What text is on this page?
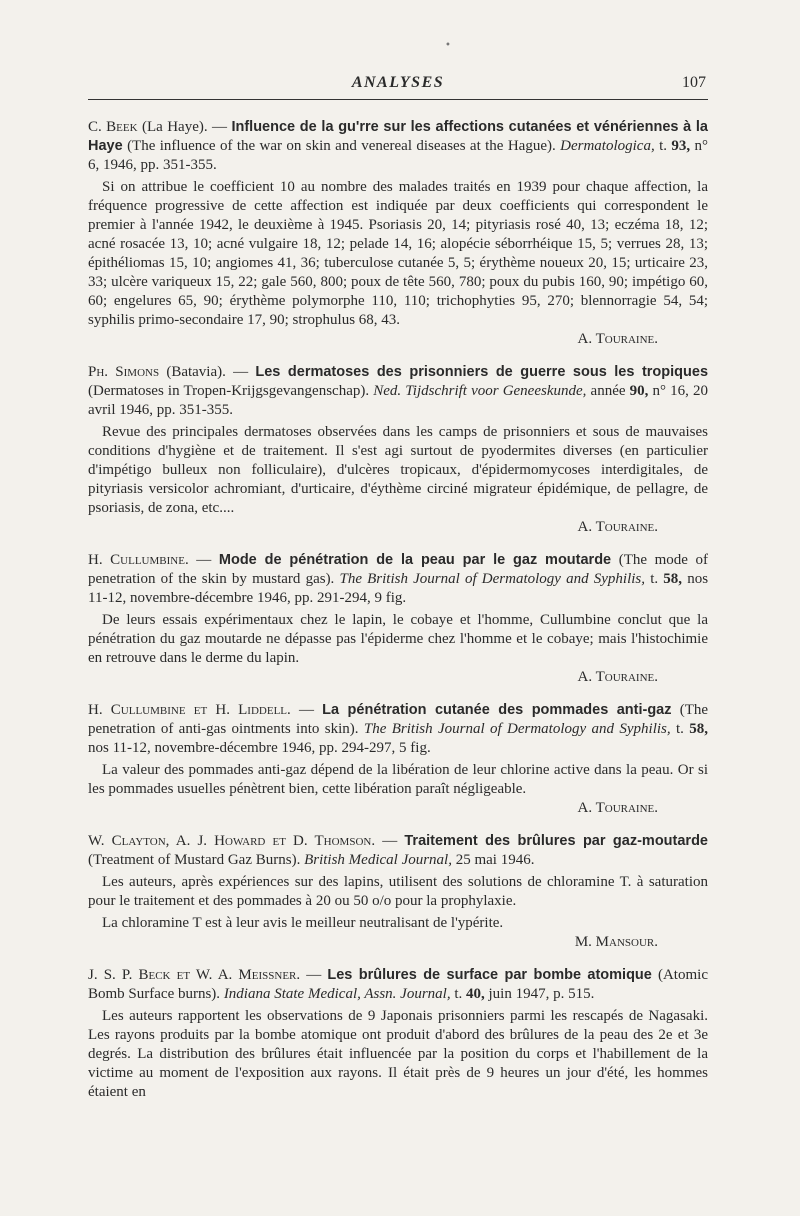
•
ANALYSES	107

C. Beek (La Haye). — Influence de la gu'rre sur les affections cutanées et vénériennes à la Haye (The influence of the war on skin and venereal diseases at the Hague). Dermatologica, t. 93, n° 6, 1946, pp. 351-355.

Si on attribue le coefficient 10 au nombre des malades traités en 1939 pour chaque affection, la fréquence progressive de cette affection est indiquée par deux coefficients qui correspondent le premier à l'année 1942, le deuxième à 1945. Psoriasis 20, 14; pityriasis rosé 40, 13; eczéma 18, 12; acné rosacée 13, 10; acné vulgaire 18, 12; pelade 14, 16; alopécie séborrhéique 15, 5; verrues 28, 13; épithéliomas 15, 10; angiomes 41, 36; tuberculose cutanée 5, 5; érythème noueux 20, 15; urticaire 23, 33; ulcère variqueux 15, 22; gale 560, 800; poux de tête 560, 780; poux du pubis 160, 90; impétigo 60, 60; engelures 65, 90; érythème polymorphe 110, 110; trichophyties 95, 270; blennorragie 54, 54; syphilis primo-secondaire 17, 90; strophulus 68, 43.

A. Touraine.

Ph. Simons (Batavia). — Les dermatoses des prisonniers de guerre sous les tropiques (Dermatoses in Tropen-Krijgsgevangenschap). Ned. Tijdschrift voor Geneeskunde, année 90, n° 16, 20 avril 1946, pp. 351-355.

Revue des principales dermatoses observées dans les camps de prisonniers et sous de mauvaises conditions d'hygiène et de traitement. Il s'est agi surtout de pyodermites diverses (en particulier d'impétigo bulleux non folliculaire), d'ulcères tropicaux, d'épidermomycoses interdigitales, de pityriasis versicolor achromiant, d'urticaire, d'éythème circiné migrateur épidémique, de pellagre, de psoriasis, de zona, etc....

A. Touraine.

H. Cullumbine. — Mode de pénétration de la peau par le gaz moutarde (The mode of penetration of the skin by mustard gas). The British Journal of Dermatology and Syphilis, t. 58, nos 11-12, novembre-décembre 1946, pp. 291-294, 9 fig.

De leurs essais expérimentaux chez le lapin, le cobaye et l'homme, Cullumbine conclut que la pénétration du gaz moutarde ne dépasse pas l'épiderme chez l'homme et le cobaye; mais l'histochimie en retrouve dans le derme du lapin.

A. Touraine.

H. Cullumbine et H. Liddell. — La pénétration cutanée des pommades anti-gaz (The penetration of anti-gas ointments into skin). The British Journal of Dermatology and Syphilis, t. 58, nos 11-12, novembre-décembre 1946, pp. 294-297, 5 fig.

La valeur des pommades anti-gaz dépend de la libération de leur chlorine active dans la peau. Or si les pommades usuelles pénètrent bien, cette libération paraît négligeable.

A. Touraine.

W. Clayton, A. J. Howard et D. Thomson. — Traitement des brûlures par gaz-moutarde (Treatment of Mustard Gaz Burns). British Medical Journal, 25 mai 1946.

Les auteurs, après expériences sur des lapins, utilisent des solutions de chloramine T. à saturation pour le traitement et des pommades à 20 ou 50 o/o pour la prophylaxie.

La chloramine T est à leur avis le meilleur neutralisant de l'ypérite.

M. Mansour.

J. S. P. Beck et W. A. Meissner. — Les brûlures de surface par bombe atomique (Atomic Bomb Surface burns). Indiana State Medical, Assn. Journal, t. 40, juin 1947, p. 515.

Les auteurs rapportent les observations de 9 Japonais prisonniers parmi les rescapés de Nagasaki. Les rayons produits par la bombe atomique ont produit d'abord des brûlures de la peau des 2e et 3e degrés. La distribution des brûlures était influencée par la position du corps et l'habillement de la victime au moment de l'exposition aux rayons. Il était près de 9 heures un jour d'été, les hommes étaient en
